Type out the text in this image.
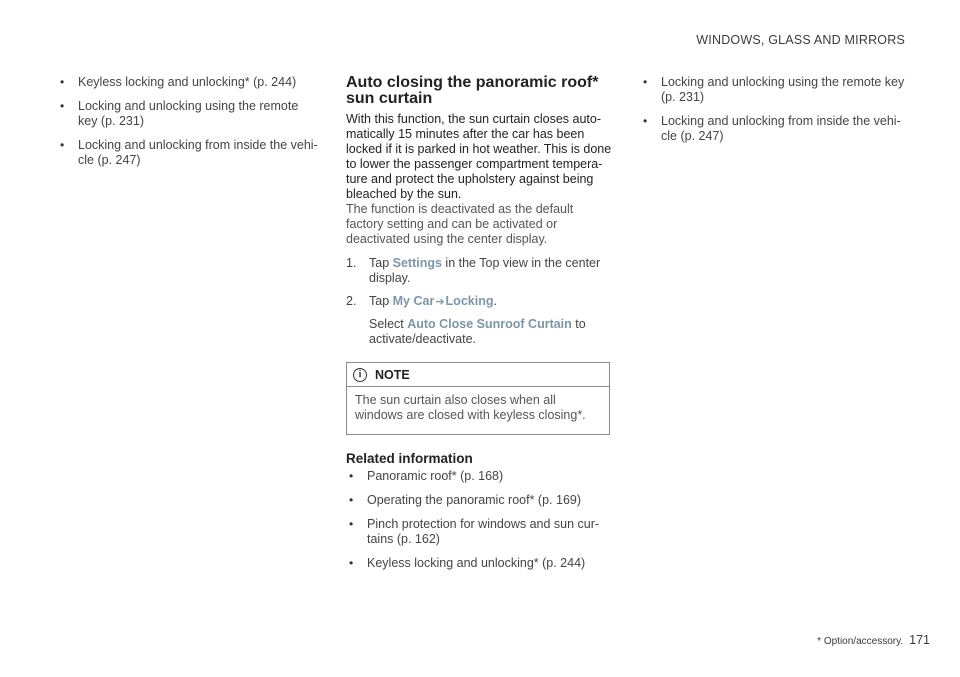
WINDOWS, GLASS AND MIRRORS
• Keyless locking and unlocking* (p. 244)
• Locking and unlocking using the remote key (p. 231)
• Locking and unlocking from inside the vehi-cle (p. 247)
Auto closing the panoramic roof* sun curtain

With this function, the sun curtain closes auto-matically 15 minutes after the car has been locked if it is parked in hot weather. This is done to lower the passenger compartment tempera-ture and protect the upholstery against being bleached by the sun.

The function is deactivated as the default factory setting and can be activated or deactivated using the center display.

1. Tap Settings in the Top view in the center display.
2. Tap My Car➔Locking.
Select Auto Close Sunroof Curtain to activate/deactivate.
i	NOTE
The sun curtain also closes when all windows are closed with keyless closing*.
Related information
• Panoramic roof* (p. 168)
• Operating the panoramic roof* (p. 169)
• Pinch protection for windows and sun cur-tains (p. 162)
• Keyless locking and unlocking* (p. 244)
• Locking and unlocking using the remote key (p. 231)
• Locking and unlocking from inside the vehi-cle (p. 247)
* Option/accessory. 171
